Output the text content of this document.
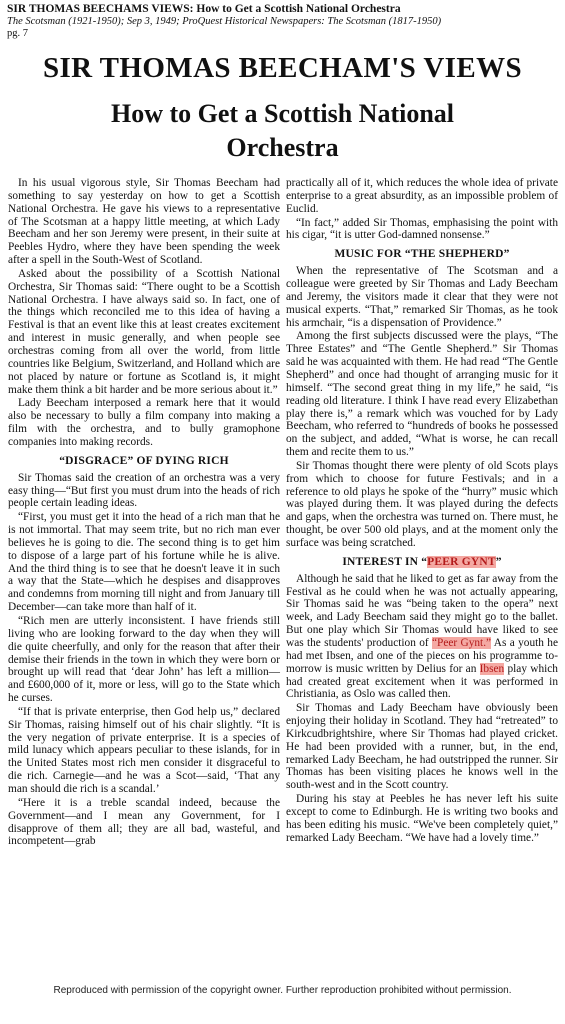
SIR THOMAS BEECHAMS VIEWS: How to Get a Scottish National Orchestra
The Scotsman (1921-1950); Sep 3, 1949; ProQuest Historical Newspapers: The Scotsman (1817-1950)
pg. 7
SIR THOMAS BEECHAM'S VIEWS
How to Get a Scottish National Orchestra

In his usual vigorous style, Sir Thomas Beecham had something to say yesterday on how to get a Scottish National Orchestra. He gave his views to a representative of The Scotsman at a happy little meeting, at which Lady Beecham and her son Jeremy were present, in their suite at Peebles Hydro, where they have been spending the week after a spell in the South-West of Scotland.

Asked about the possibility of a Scottish National Orchestra, Sir Thomas said: “There ought to be a Scottish National Orchestra. I have always said so. In fact, one of the things which reconciled me to this idea of having a Festival is that an event like this at least creates excitement and interest in music generally, and when people see orchestras coming from all over the world, from little countries like Belgium, Switzerland, and Holland which are not placed by nature or fortune as Scotland is, it might make them think a bit harder and be more serious about it.”

Lady Beecham interposed a remark here that it would also be necessary to bully a film company into making a film with the orchestra, and to bully gramophone companies into making records.

“DISGRACE” OF DYING RICH

Sir Thomas said the creation of an orchestra was a very easy thing—“But first you must drum into the heads of rich people certain leading ideas.

“First, you must get it into the head of a rich man that he is not immortal. That may seem trite, but no rich man ever believes he is going to die. The second thing is to get him to dispose of a large part of his fortune while he is alive. And the third thing is to see that he doesn't leave it in such a way that the State—which he despises and disapproves and condemns from morning till night and from January till December—can take more than half of it.

“Rich men are utterly inconsistent. I have friends still living who are looking forward to the day when they will die quite cheerfully, and only for the reason that after their demise their friends in the town in which they were born or brought up will read that ‘dear John’ has left a million—and £600,000 of it, more or less, will go to the State which he curses.

“If that is private enterprise, then God help us,” declared Sir Thomas, raising himself out of his chair slightly. “It is the very negation of private enterprise. It is a species of mild lunacy which appears peculiar to these islands, for in the United States most rich men consider it disgraceful to die rich. Carnegie—and he was a Scot—said, ‘That any man should die rich is a scandal.’

“Here it is a treble scandal indeed, because the Government—and I mean any Government, for I disapprove of them all; they are all bad, wasteful, and incompetent—grab

practically all of it, which reduces the whole idea of private enterprise to a great absurdity, as an impossible problem of Euclid.

“In fact,” added Sir Thomas, emphasising the point with his cigar, “it is utter God-damned nonsense.”

MUSIC FOR “THE SHEPHERD”

When the representative of The Scotsman and a colleague were greeted by Sir Thomas and Lady Beecham and Jeremy, the visitors made it clear that they were not musical experts. “That,” remarked Sir Thomas, as he took his armchair, “is a dispensation of Providence.”

Among the first subjects discussed were the plays, “The Three Estates” and “The Gentle Shepherd.” Sir Thomas said he was acquainted with them. He had read “The Gentle Shepherd” and once had thought of arranging music for it himself. “The second great thing in my life,” he said, “is reading old literature. I think I have read every Elizabethan play there is,” a remark which was vouched for by Lady Beecham, who referred to “hundreds of books he possessed on the subject, and added, “What is worse, he can recall them and recite them to us.”

Sir Thomas thought there were plenty of old Scots plays from which to choose for future Festivals; and in a reference to old plays he spoke of the “hurry” music which was played during them. It was played during the defects and gaps, when the orchestra was turned on. There must, he thought, be over 500 old plays, and at the moment only the surface was being scratched.

INTEREST IN “PEER GYNT”

Although he said that he liked to get as far away from the Festival as he could when he was not actually appearing, Sir Thomas said he was “being taken to the opera” next week, and Lady Beecham said they might go to the ballet. But one play which Sir Thomas would have liked to see was the students' production of “Peer Gynt.” As a youth he had met Ibsen, and one of the pieces on his programme to-morrow is music written by Delius for an Ibsen play which had created great excitement when it was performed in Christiania, as Oslo was called then.

Sir Thomas and Lady Beecham have obviously been enjoying their holiday in Scotland. They had “retreated” to Kirkcudbrightshire, where Sir Thomas had played cricket. He had been provided with a runner, but, in the end, remarked Lady Beecham, he had outstripped the runner. Sir Thomas has been visiting places he knows well in the south-west and in the Scott country.

During his stay at Peebles he has never left his suite except to come to Edinburgh. He is writing two books and has been editing his music. “We've been completely quiet,” remarked Lady Beecham. “We have had a lovely time.”

Reproduced with permission of the copyright owner. Further reproduction prohibited without permission.
